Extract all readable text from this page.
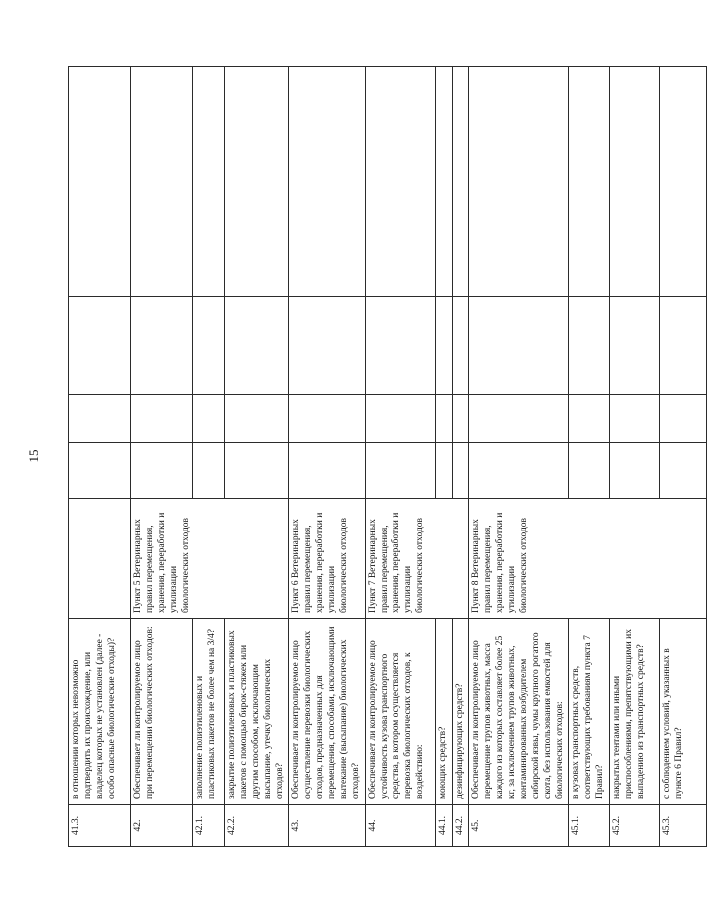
15
41.3.	в отношении которых невозможно подтвердить их происхождение, или владелец которых не установлен (далее - особо опасные биологические отходы)?					
42.	Обеспечивает ли контролируемое лицо при перемещении биологических отходов:	Пункт 5 Ветеринарных правил перемещения, хранения, переработки и утилизации биологических отходов				
42.1.	заполнение полиэтиленовых и пластиковых пакетов не более чем на 3/4?					
42.2.	закрытие полиэтиленовых и пластиковых пакетов с помощью бирок-стяжек или другим способом, исключающим высыпание, утечку биологических отходов?					
43.	Обеспечивает ли контролируемое лицо осуществление перевозки биологических отходов, предназначенных для перемещения, способами, исключающими вытекание (высыпание) биологических отходов?	Пункт 6 Ветеринарных правил перемещения, хранения, переработки и утилизации биологических отходов				
44.	Обеспечивает ли контролируемое лицо устойчивость кузова транспортного средства, в котором осуществляется перевозка биологических отходов, к воздействию:	Пункт 7 Ветеринарных правил перемещения, хранения, переработки и утилизации биологических отходов				
44.1.	моющих средств?					
44.2.	дезинфицирующих средств?					
45.	Обеспечивает ли контролируемое лицо перемещение трупов животных, масса каждого из которых составляет более 25 кг, за исключением трупов животных, контаминированных возбудителем сибирской язвы, чумы крупного рогатого скота, без использования емкостей для биологических отходов:	Пункт 8 Ветеринарных правил перемещения, хранения, переработки и утилизации биологических отходов				
45.1.	в кузовах транспортных средств, соответствующих требованиям пункта 7 Правил?					
45.2.	накрытых тентами или иными приспособлениями, препятствующими их выпадению из транспортных средств?					
45.3.	с соблюдением условий, указанных в пункте 6 Правил?					
